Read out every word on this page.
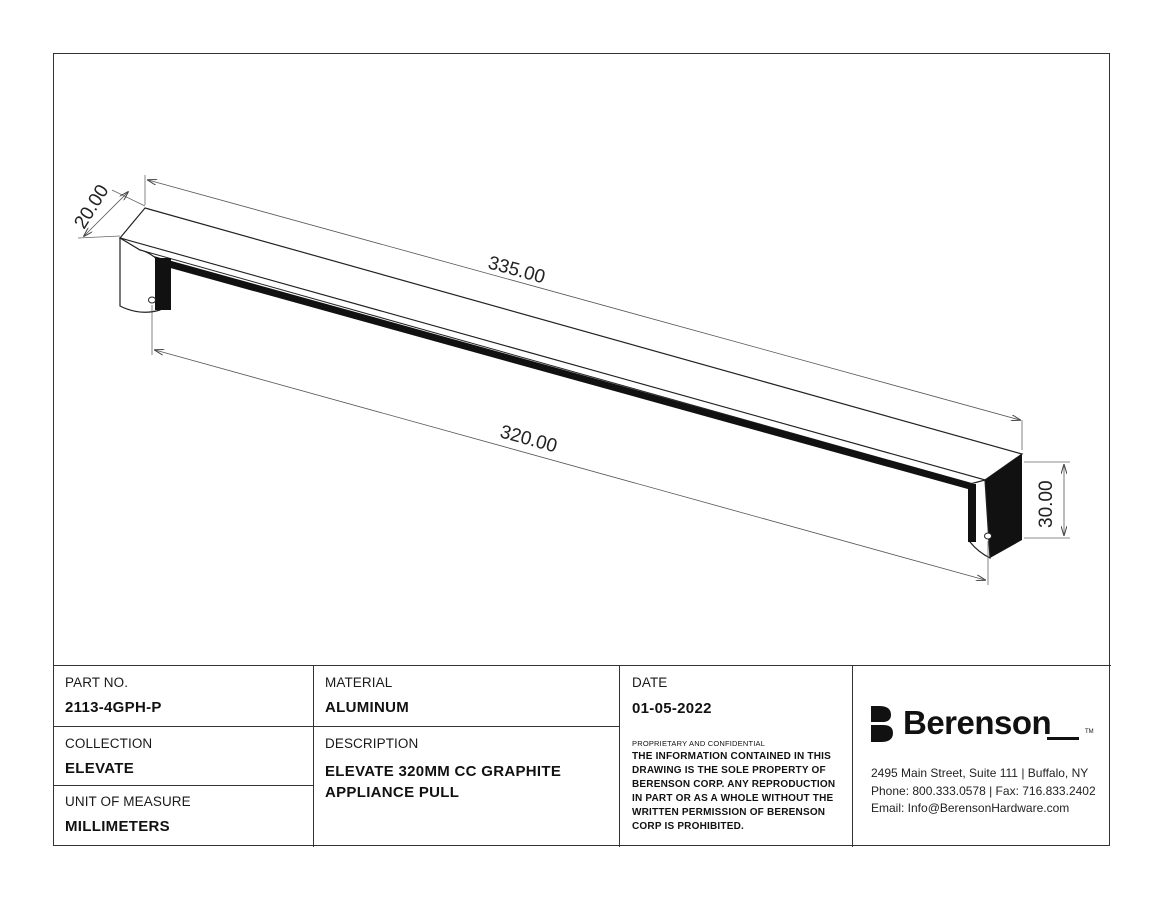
335.00
320.00
20.00
30.00
PART NO.
2113-4GPH-P
MATERIAL
ALUMINUM
DATE
01-05-2022
COLLECTION
ELEVATE
UNIT OF MEASURE
MILLIMETERS
DESCRIPTION
ELEVATE 320MM CC GRAPHITE
APPLIANCE PULL
PROPRIETARY AND CONFIDENTIAL
THE INFORMATION CONTAINED IN THIS
DRAWING IS THE SOLE PROPERTY OF
BERENSON CORP. ANY REPRODUCTION
IN PART OR AS A WHOLE WITHOUT THE
WRITTEN PERMISSION OF BERENSON
CORP IS PROHIBITED.
Berenson	TM
2495 Main Street, Suite 111 | Buffalo, NY
Phone: 800.333.0578 | Fax: 716.833.2402
Email: Info@BerensonHardware.com
